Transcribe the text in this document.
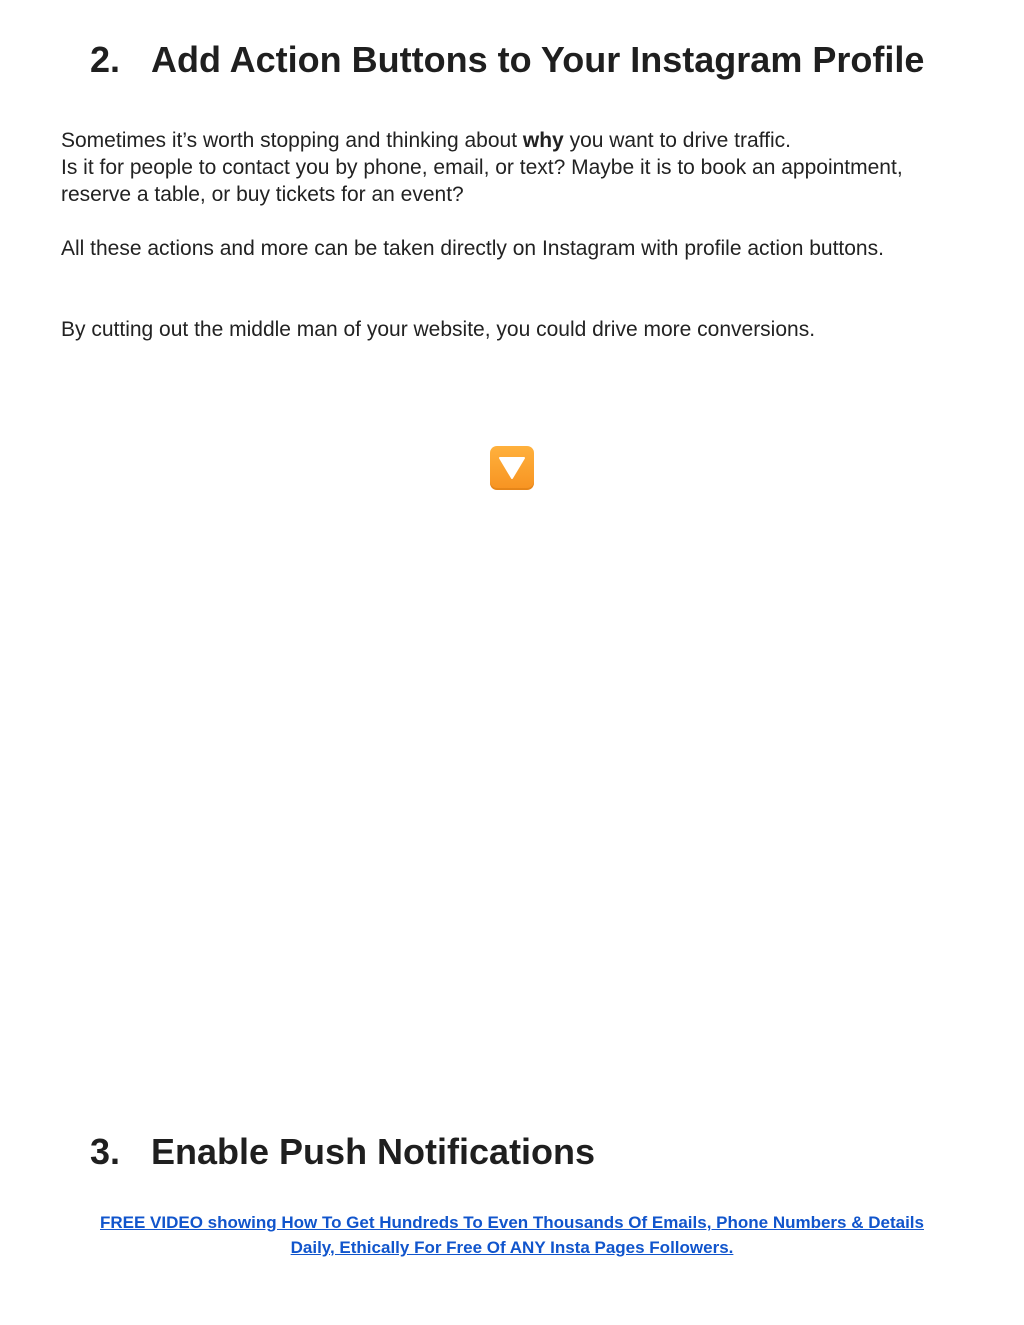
2. Add Action Buttons to Your Instagram Profile

Sometimes it’s worth stopping and thinking about why you want to drive traffic.
Is it for people to contact you by phone, email, or text? Maybe it is to book an appointment, reserve a table, or buy tickets for an event?

All these actions and more can be taken directly on Instagram with profile action buttons.

By cutting out the middle man of your website, you could drive more conversions.

3. Enable Push Notifications

FREE VIDEO showing How To Get Hundreds To Even Thousands Of Emails, Phone Numbers & Details
Daily, Ethically For Free Of ANY Insta Pages Followers.
